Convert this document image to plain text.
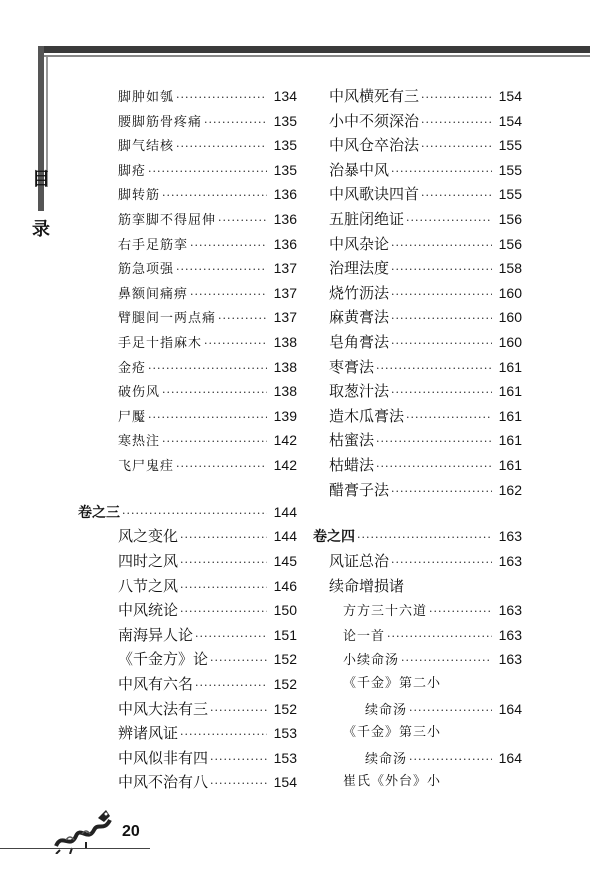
目
录
脚肿如瓠 ·····	134
腰脚筋骨疼痛 ·····	135
脚气结核 ·····	135
脚疮 ·····	135
脚转筋 ·····	136
筋挛脚不得屈伸 ·····	136
右手足筋挛 ·····	136
筋急项强 ·····	137
鼻额间痛痹 ·····	137
臂腿间一两点痛 ·····	137
手足十指麻木 ·····	138
金疮 ·····	138
破伤风 ·····	138
尸魘 ·····	139
寒热注 ·····	142
飞尸鬼疰 ·····	142
卷之三 ·····	144
风之变化 ·····	144
四时之风 ·····	145
八节之风 ·····	146
中风统论 ·····	150
南海异人论 ·····	151
《千金方》论 ·····	152
中风有六名 ·····	152
中风大法有三 ·····	152
辨诸风证 ·····	153
中风似非有四 ·····	153
中风不治有八 ·····	154
中风横死有三 ·····	154
小中不须深治 ·····	154
中风仓卒治法 ·····	155
治暴中风 ·····	155
中风歌诀四首 ·····	155
五脏闭绝证 ·····	156
中风杂论 ·····	156
治理法度 ·····	158
烧竹沥法 ·····	160
麻黄膏法 ·····	160
皂角膏法 ·····	160
枣膏法 ·····	161
取葱汁法 ·····	161
造木瓜膏法 ·····	161
枯蜜法 ·····	161
枯蜡法 ·····	161
醋膏子法 ·····	162
卷之四 ·····	163
风证总治 ·····	163
续命增损诸
方方三十六道 ·····	163
论一首 ·····	163
小续命汤 ·····	163
《千金》第二小
续命汤 ·····	164
《千金》第三小
续命汤 ·····	164
崔氏《外台》小
20
